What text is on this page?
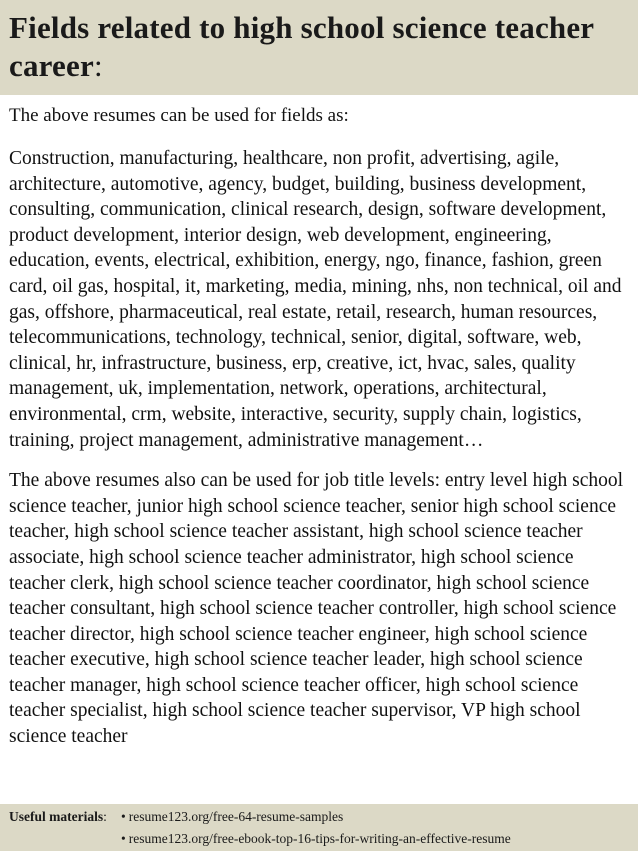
Fields related to high school science teacher career:

The above resumes can be used for fields as:

Construction, manufacturing, healthcare, non profit, advertising, agile, architecture, automotive, agency, budget, building, business development, consulting, communication, clinical research, design, software development, product development, interior design, web development, engineering, education, events, electrical, exhibition, energy, ngo, finance, fashion, green card, oil gas, hospital, it, marketing, media, mining, nhs, non technical, oil and gas, offshore, pharmaceutical, real estate, retail, research, human resources, telecommunications, technology, technical, senior, digital, software, web, clinical, hr, infrastructure, business, erp, creative, ict, hvac, sales, quality management, uk, implementation, network, operations, architectural, environmental, crm, website, interactive, security, supply chain, logistics, training, project management, administrative management…

The above resumes also can be used for job title levels: entry level high school science teacher, junior high school science teacher, senior high school science teacher, high school science teacher assistant, high school science teacher associate, high school science teacher administrator, high school science teacher clerk, high school science teacher coordinator, high school science teacher consultant, high school science teacher controller, high school science teacher director, high school science teacher engineer, high school science teacher executive, high school science teacher leader, high school science teacher manager, high school science teacher officer, high school science teacher specialist, high school science teacher supervisor, VP high school science teacher

Useful materials: • resume123.org/free-64-resume-samples
• resume123.org/free-ebook-top-16-tips-for-writing-an-effective-resume
